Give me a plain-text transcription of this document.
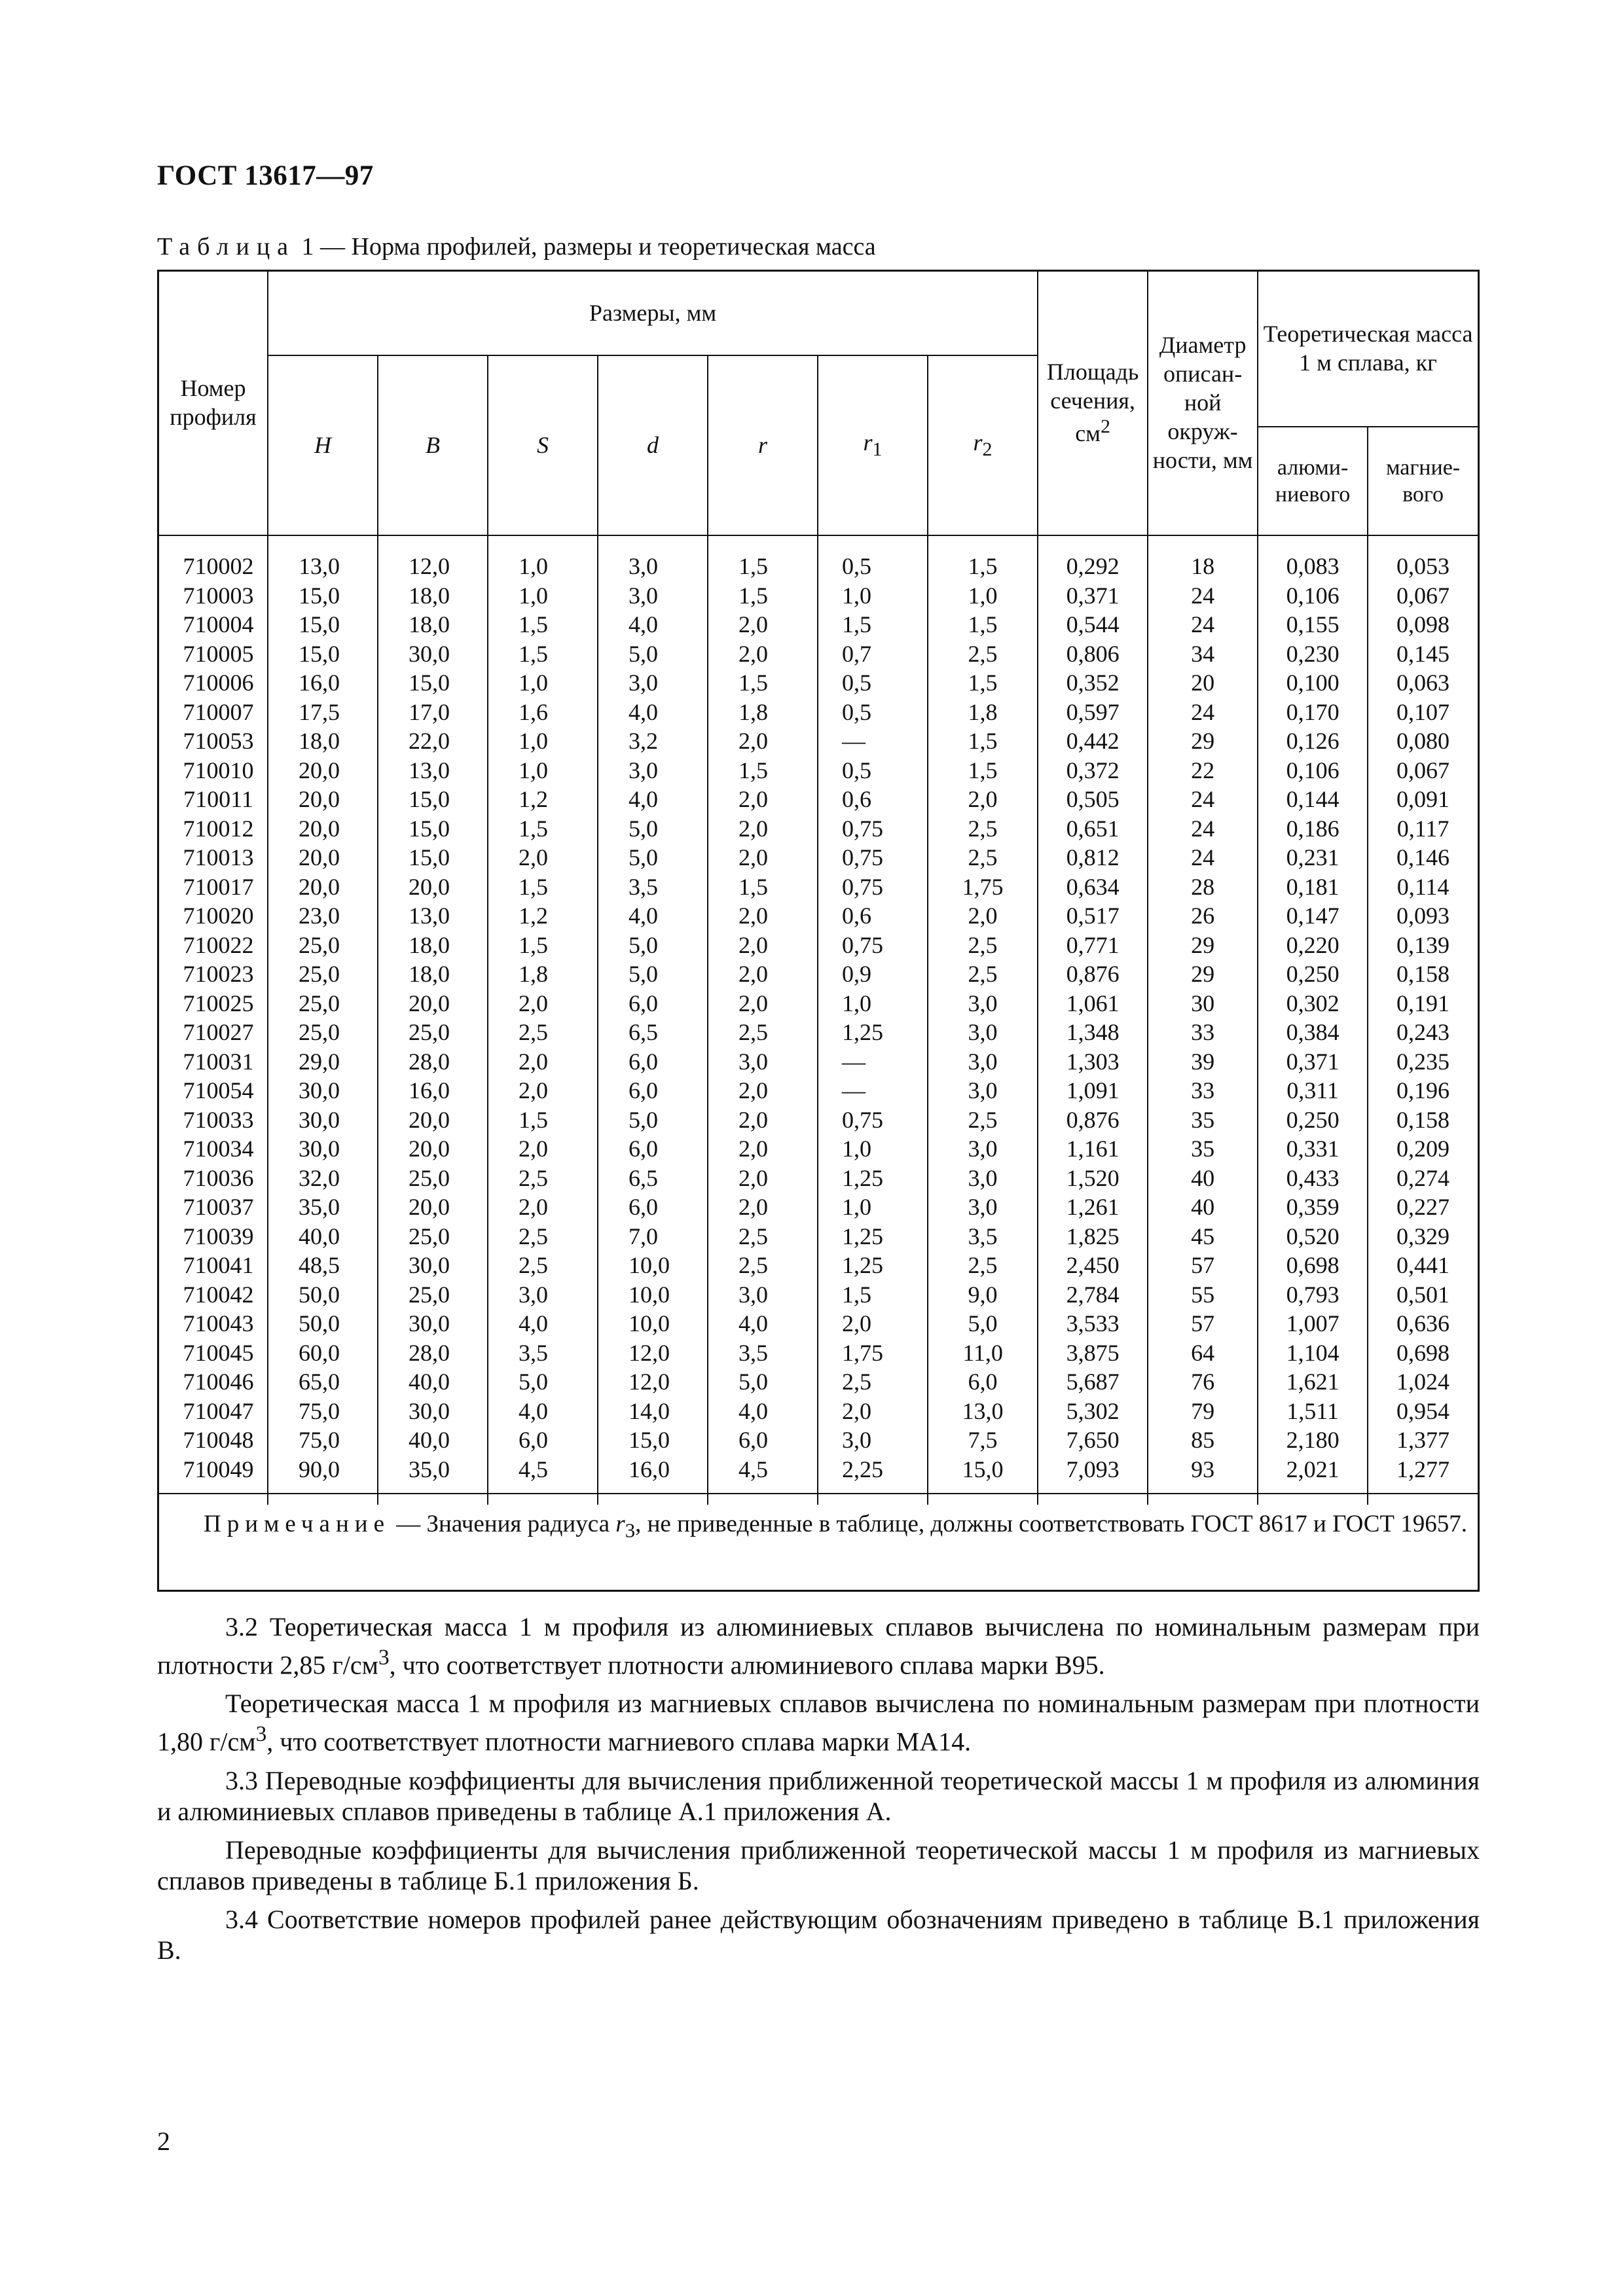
ГОСТ 13617—97
Таблица 1 — Норма профилей, размеры и теоретическая масса
Номер профиля	Размеры, мм							Площадь сечения, $см^2$	Диаметр описан-ной окруж-ности, мм	Теоретическая масса 1 м сплава, кг	
	H	B	S	d	r	$r_1$	$r_2$
										алюми-ниевого	магние-вого

710002	13,0	12,0	1,0	3,0	1,5	0,5	1,5	0,292	18	0,083	0,053
710003	15,0	18,0	1,0	3,0	1,5	1,0	1,0	0,371	24	0,106	0,067
710004	15,0	18,0	1,5	4,0	2,0	1,5	1,5	0,544	24	0,155	0,098
710005	15,0	30,0	1,5	5,0	2,0	0,7	2,5	0,806	34	0,230	0,145
710006	16,0	15,0	1,0	3,0	1,5	0,5	1,5	0,352	20	0,100	0,063
710007	17,5	17,0	1,6	4,0	1,8	0,5	1,8	0,597	24	0,170	0,107
710053	18,0	22,0	1,0	3,2	2,0	—	1,5	0,442	29	0,126	0,080
710010	20,0	13,0	1,0	3,0	1,5	0,5	1,5	0,372	22	0,106	0,067
710011	20,0	15,0	1,2	4,0	2,0	0,6	2,0	0,505	24	0,144	0,091
710012	20,0	15,0	1,5	5,0	2,0	0,75	2,5	0,651	24	0,186	0,117
710013	20,0	15,0	2,0	5,0	2,0	0,75	2,5	0,812	24	0,231	0,146
710017	20,0	20,0	1,5	3,5	1,5	0,75	1,75	0,634	28	0,181	0,114
710020	23,0	13,0	1,2	4,0	2,0	0,6	2,0	0,517	26	0,147	0,093
710022	25,0	18,0	1,5	5,0	2,0	0,75	2,5	0,771	29	0,220	0,139
710023	25,0	18,0	1,8	5,0	2,0	0,9	2,5	0,876	29	0,250	0,158
710025	25,0	20,0	2,0	6,0	2,0	1,0	3,0	1,061	30	0,302	0,191
710027	25,0	25,0	2,5	6,5	2,5	1,25	3,0	1,348	33	0,384	0,243
710031	29,0	28,0	2,0	6,0	3,0	—	3,0	1,303	39	0,371	0,235
710054	30,0	16,0	2,0	6,0	2,0	—	3,0	1,091	33	0,311	0,196
710033	30,0	20,0	1,5	5,0	2,0	0,75	2,5	0,876	35	0,250	0,158
710034	30,0	20,0	2,0	6,0	2,0	1,0	3,0	1,161	35	0,331	0,209
710036	32,0	25,0	2,5	6,5	2,0	1,25	3,0	1,520	40	0,433	0,274
710037	35,0	20,0	2,0	6,0	2,0	1,0	3,0	1,261	40	0,359	0,227
710039	40,0	25,0	2,5	7,0	2,5	1,25	3,5	1,825	45	0,520	0,329
710041	48,5	30,0	2,5	10,0	2,5	1,25	2,5	2,450	57	0,698	0,441
710042	50,0	25,0	3,0	10,0	3,0	1,5	9,0	2,784	55	0,793	0,501
710043	50,0	30,0	4,0	10,0	4,0	2,0	5,0	3,533	57	1,007	0,636
710045	60,0	28,0	3,5	12,0	3,5	1,75	11,0	3,875	64	1,104	0,698
710046	65,0	40,0	5,0	12,0	5,0	2,5	6,0	5,687	76	1,621	1,024
710047	75,0	30,0	4,0	14,0	4,0	2,0	13,0	5,302	79	1,511	0,954
710048	75,0	40,0	6,0	15,0	6,0	3,0	7,5	7,650	85	2,180	1,377
710049	90,0	35,0	4,5	16,0	4,5	2,25	15,0	7,093	93	2,021	1,277

Примечание — Значения радиуса $r_3$, не приведенные в таблице, должны соответствовать ГОСТ 8617 и ГОСТ 19657.

3.2 Теоретическая масса 1 м профиля из алюминиевых сплавов вычислена по номинальным размерам при плотности 2,85 $г/см^3$, что соответствует плотности алюминиевого сплава марки В95.

Теоретическая масса 1 м профиля из магниевых сплавов вычислена по номинальным размерам при плотности 1,80 $г/см^3$, что соответствует плотности магниевого сплава марки МА14.

3.3 Переводные коэффициенты для вычисления приближенной теоретической массы 1 м профиля из алюминия и алюминиевых сплавов приведены в таблице А.1 приложения А.

Переводные коэффициенты для вычисления приближенной теоретической массы 1 м профиля из магниевых сплавов приведены в таблице Б.1 приложения Б.

3.4 Соответствие номеров профилей ранее действующим обозначениям приведено в таблице В.1 приложения В.

2
